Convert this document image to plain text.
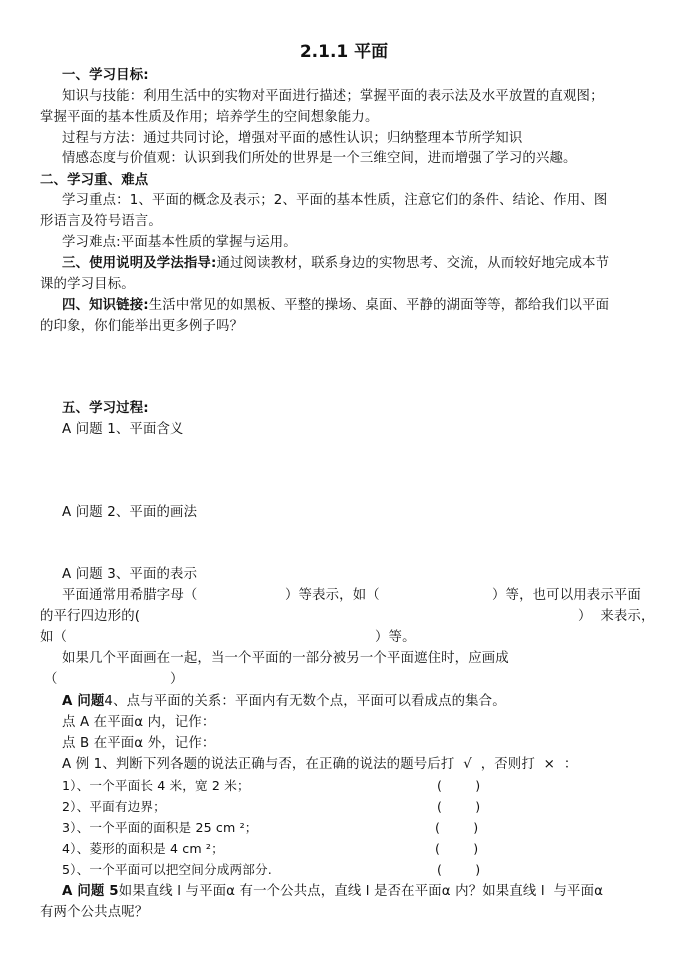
2.1.1 平面
一、学习目标:
知识与技能：利用生活中的实物对平面进行描述；掌握平面的表示法及水平放置的直观图；
掌握平面的基本性质及作用；培养学生的空间想象能力。
过程与方法：通过共同讨论，增强对平面的感性认识；归纳整理本节所学知识
情感态度与价值观：认识到我们所处的世界是一个三维空间，进而增强了学习的兴趣。
二、学习重、难点
学习重点：1、平面的概念及表示；2、平面的基本性质，注意它们的条件、结论、作用、图
形语言及符号语言。
学习难点:平面基本性质的掌握与运用。
三、使用说明及学法指导:通过阅读教材，联系身边的实物思考、交流，从而较好地完成本节
课的学习目标。
四、知识链接:生活中常见的如黑板、平整的操场、桌面、平静的湖面等等，都给我们以平面
的印象，你们能举出更多例子吗？
五、学习过程:
A 问题 1、平面含义
A 问题 2、平面的画法
A 问题 3、平面的表示
平面通常用希腊字母（	）等表示，如（	）等，也可以用表示平面
的平行四边形的(	）  来表示，
如（	）等。
如果几个平面画在一起，当一个平面的一部分被另一个平面遮住时，应画成
（	）
A 问题4、点与平面的关系：平面内有无数个点，平面可以看成点的集合。
点 A 在平面α 内，记作：
点 B 在平面α 外，记作：
A 例 1、判断下列各题的说法正确与否，在正确的说法的题号后打  √  ，否则打  ×  ：
1）、一个平面长 4 米，宽 2 米；	(        )
2）、平面有边界；	(        )
3）、一个平面的面积是 25 cm ²；	(        )
4）、菱形的面积是 4 cm ²；	(        )
5）、一个平面可以把空间分成两部分.	(        )
A 问题 5如果直线 l 与平面α 有一个公共点，直线 l 是否在平面α 内？如果直线 l  与平面α
有两个公共点呢？
